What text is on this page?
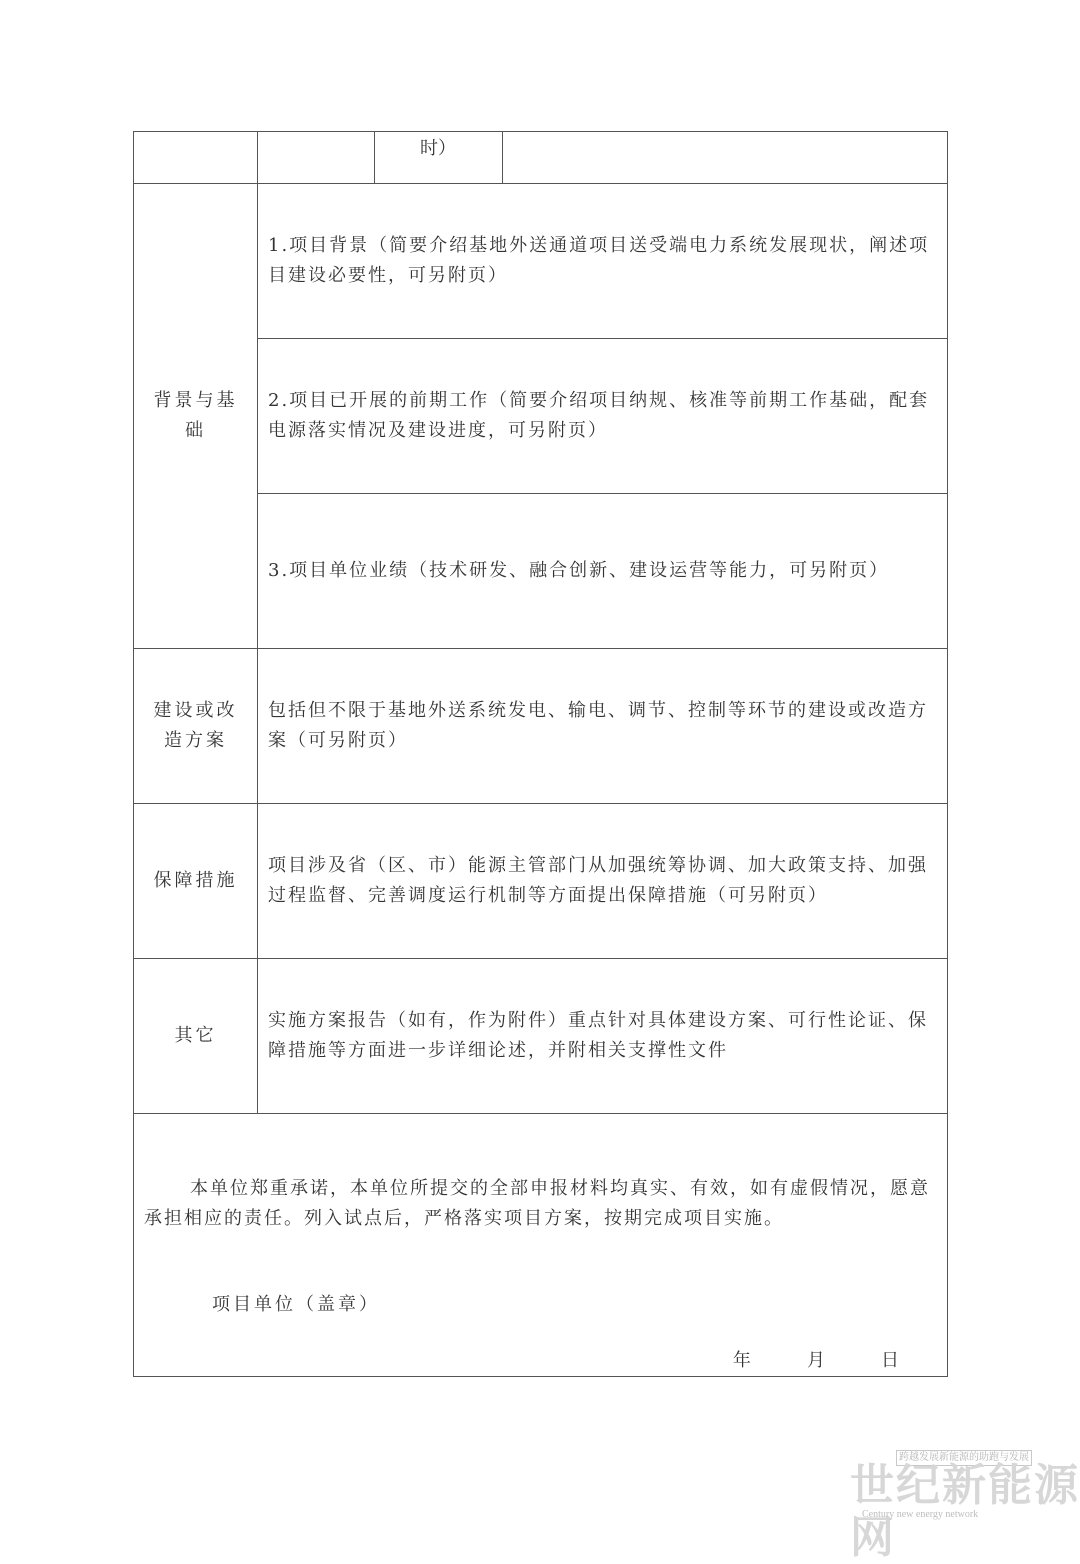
	时）	

背景与基础	1.项目背景（简要介绍基地外送通道项目送受端电力系统发展现状，阐述项目建设必要性，可另附页）
2.项目已开展的前期工作（简要介绍项目纳规、核准等前期工作基础，配套电源落实情况及建设进度，可另附页）
3.项目单位业绩（技术研发、融合创新、建设运营等能力，可另附页）
建设或改造方案	包括但不限于基地外送系统发电、输电、调节、控制等环节的建设或改造方案（可另附页）
保障措施	项目涉及省（区、市）能源主管部门从加强统筹协调、加大政策支持、加强过程监督、完善调度运行机制等方面提出保障措施（可另附页）
其它	实施方案报告（如有，作为附件）重点针对具体建设方案、可行性论证、保障措施等方面进一步详细论述，并附相关支撑性文件

本单位郑重承诺，本单位所提交的全部申报材料均真实、有效，如有虚假情况，愿意承担相应的责任。列入试点后，严格落实项目方案，按期完成项目实施。

项目单位（盖章）

年	月	日

跨越发展新能源的助跑与发展
世纪新能源网
Century new energy network
